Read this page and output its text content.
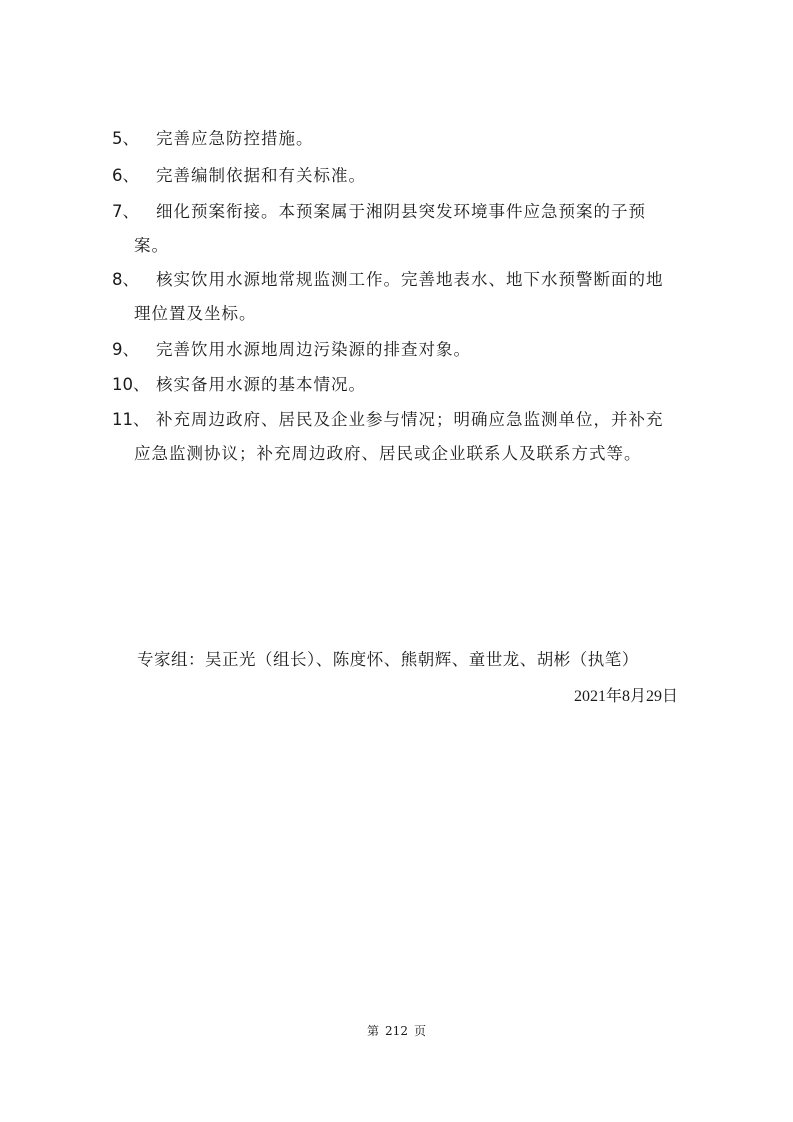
5、 完善应急防控措施。
6、 完善编制依据和有关标准。
7、 细化预案衔接。本预案属于湘阴县突发环境事件应急预案的子预
案。
8、 核实饮用水源地常规监测工作。完善地表水、地下水预警断面的地
理位置及坐标。
9、 完善饮用水源地周边污染源的排查对象。
10、 核实备用水源的基本情况。
11、 补充周边政府、居民及企业参与情况；明确应急监测单位，并补充
应急监测协议；补充周边政府、居民或企业联系人及联系方式等。
专家组：吴正光（组长）、陈度怀、熊朝辉、童世龙、胡彬（执笔）
2021年8月29日
第 212 页
